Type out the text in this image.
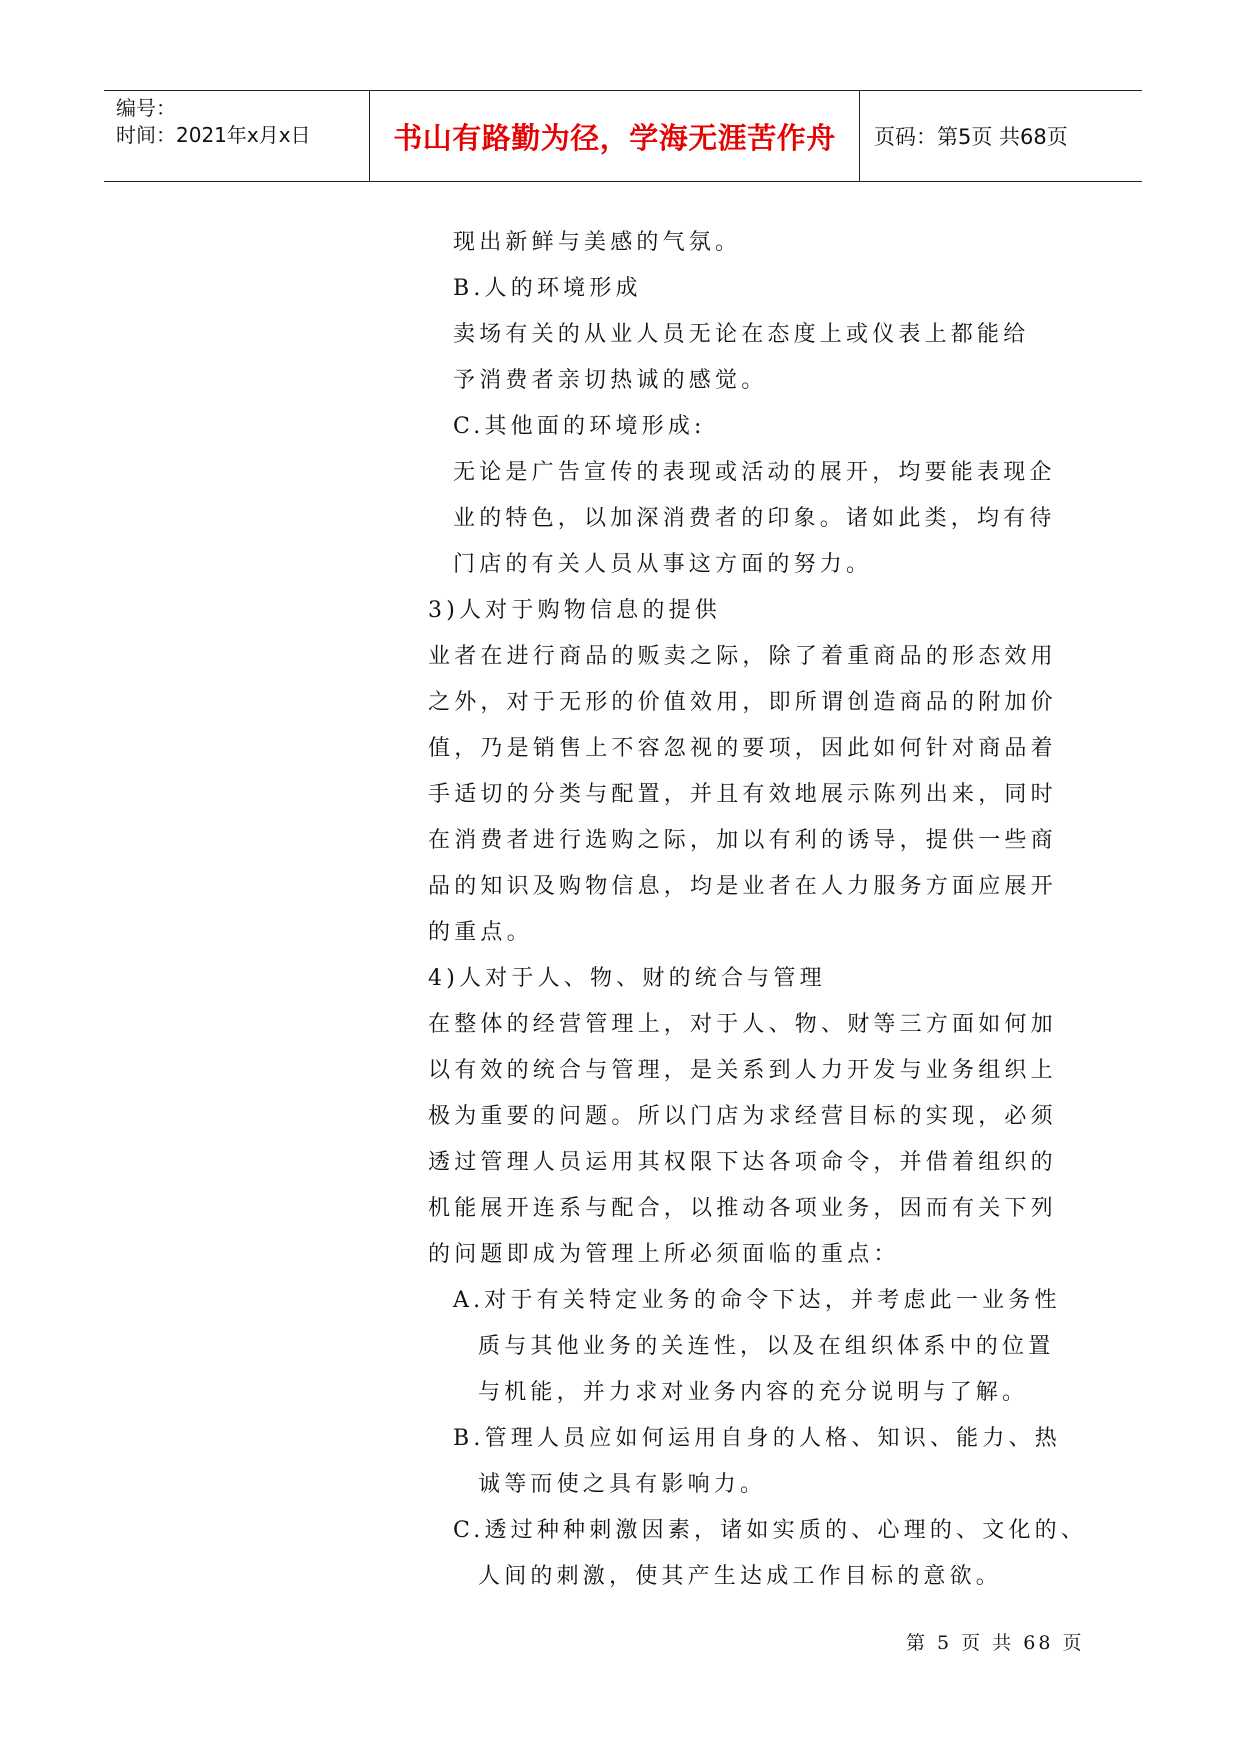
编号：
时间：2021年x月x日	书山有路勤为径，学海无涯苦作舟 页码：第5页 共68页

现出新鲜与美感的气氛。

B.人的环境形成

卖场有关的从业人员无论在态度上或仪表上都能给

予消费者亲切热诚的感觉。

C.其他面的环境形成:

无论是广告宣传的表现或活动的展开，均要能表现企

业的特色，以加深消费者的印象。诸如此类，均有待

门店的有关人员从事这方面的努力。

3)人对于购物信息的提供

业者在进行商品的贩卖之际，除了着重商品的形态效用

之外，对于无形的价值效用，即所谓创造商品的附加价

值，乃是销售上不容忽视的要项，因此如何针对商品着

手适切的分类与配置，并且有效地展示陈列出来，同时

在消费者进行选购之际，加以有利的诱导，提供一些商

品的知识及购物信息，均是业者在人力服务方面应展开

的重点。

4)人对于人、物、财的统合与管理

在整体的经营管理上，对于人、物、财等三方面如何加

以有效的统合与管理，是关系到人力开发与业务组织上

极为重要的问题。所以门店为求经营目标的实现，必须

透过管理人员运用其权限下达各项命令，并借着组织的

机能展开连系与配合，以推动各项业务，因而有关下列

的问题即成为管理上所必须面临的重点：

A.对于有关特定业务的命令下达，并考虑此一业务性

质与其他业务的关连性，以及在组织体系中的位置

与机能，并力求对业务内容的充分说明与了解。

B.管理人员应如何运用自身的人格、知识、能力、热

诚等而使之具有影响力。

C.透过种种刺激因素，诸如实质的、心理的、文化的、

人间的刺激，使其产生达成工作目标的意欲。

第 5 页 共 68 页
